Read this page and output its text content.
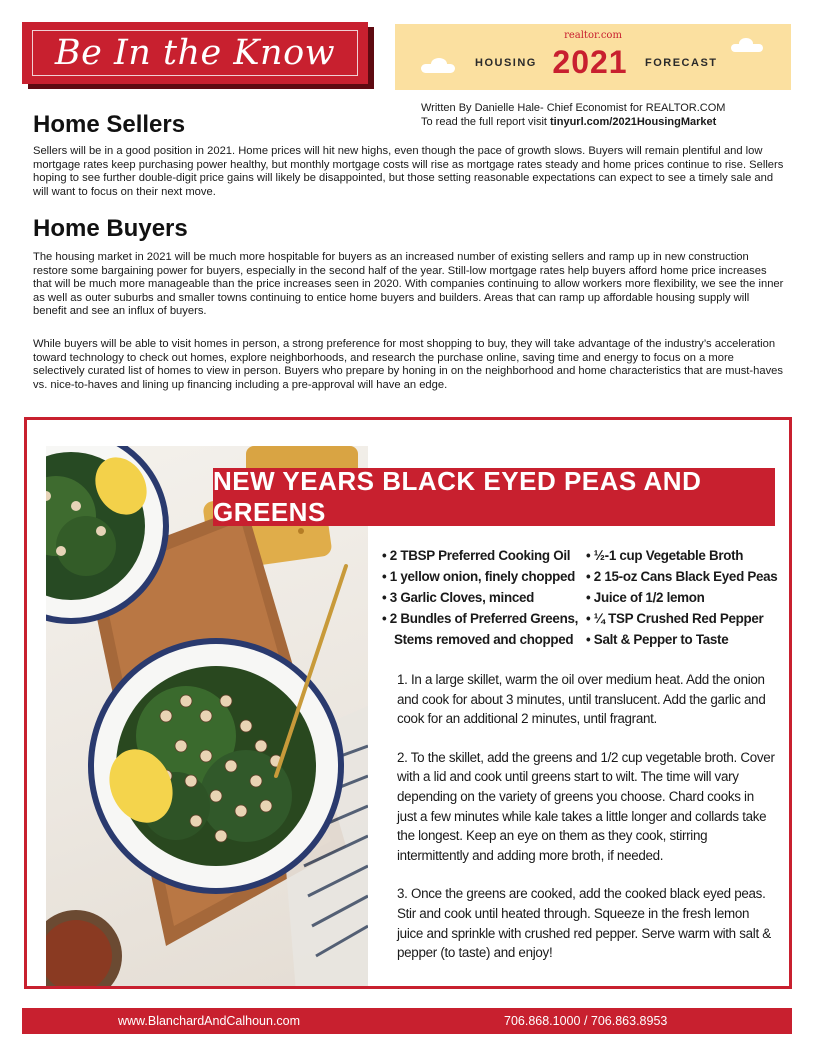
Be In the Know	realtor.com
HOUSING 2021	FORECAST
Written By Danielle Hale- Chief Economist for REALTOR.COM
To read the full report visit tinyurl.com/2021HousingMarket
Home Sellers

Sellers will be in a good position in 2021. Home prices will hit new highs, even though the pace of growth slows. Buyers will remain plentiful and low mortgage rates keep purchasing power healthy, but monthly mortgage costs will rise as mortgage rates steady and home prices continue to rise. Sellers hoping to see further double-digit price gains will likely be disappointed, but those setting reasonable expectations can expect to see a timely sale and will want to focus on their next move.

Home Buyers

The housing market in 2021 will be much more hospitable for buyers as an increased number of existing sellers and ramp up in new construction restore some bargaining power for buyers, especially in the second half of the year. Still-low mortgage rates help buyers afford home price increases that will be much more manageable than the price increases seen in 2020. With companies continuing to allow workers more flexibility, we see the inner as well as outer suburbs and smaller towns continuing to entice home buyers and builders. Areas that can ramp up affordable housing supply will benefit and see an influx of buyers.

While buyers will be able to visit homes in person, a strong preference for most shopping to buy, they will take advantage of the industry’s acceleration toward technology to check out homes, explore neighborhoods, and research the purchase online, saving time and energy to focus on a more selectively curated list of homes to view in person. Buyers who prepare by honing in on the neighborhood and home characteristics that are must-haves vs. nice-to-haves and lining up financing including a pre-approval will have an edge.

NEW YEARS BLACK EYED PEAS AND GREENS
• 2 TBSP Preferred Cooking Oil
• 1 yellow onion, finely chopped
• 3 Garlic Cloves, minced
• 2 Bundles of Preferred Greens,
Stems removed and chopped
• ½-1 cup Vegetable Broth
• 2 15-oz Cans Black Eyed Peas
• Juice of 1/2 lemon
• ¼ TSP Crushed Red Pepper
• Salt & Pepper to Taste

1. In a large skillet, warm the oil over medium heat. Add the onion and cook for about 3 minutes, until translucent. Add the garlic and cook for an additional 2 minutes, until fragrant.

2. To the skillet, add the greens and 1/2 cup vegetable broth. Cover with a lid and cook until greens start to wilt. The time will vary depending on the variety of greens you choose. Chard cooks in just a few minutes while kale takes a little longer and collards take the longest. Keep an eye on them as they cook, stirring intermittently and adding more broth, if needed.

3. Once the greens are cooked, add the cooked black eyed peas. Stir and cook until heated through. Squeeze in the fresh lemon juice and sprinkle with crushed red pepper. Serve warm with salt & pepper (to taste) and enjoy!

www.BlanchardAndCalhoun.com	706.868.1000 / 706.863.8953
